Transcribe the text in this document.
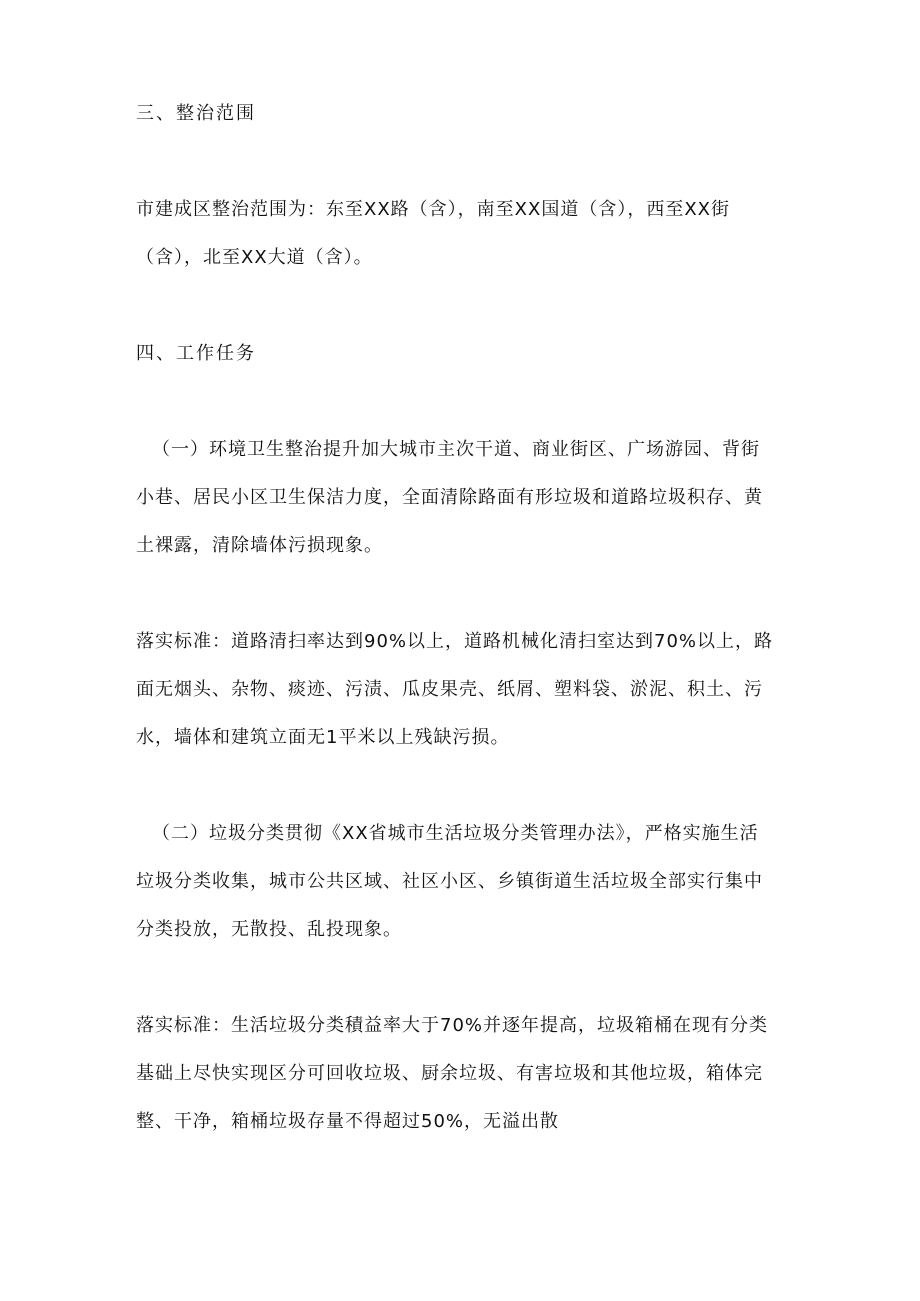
三、整治范围

市建成区整治范围为：东至XX路（含），南至XX国道（含），西至XX街

（含），北至XX大道（含）。

四、工作任务

（一）环境卫生整治提升加大城市主次干道、商业街区、广场游园、背街

小巷、居民小区卫生保洁力度，全面清除路面有形垃圾和道路垃圾积存、黄

土裸露，清除墙体污损现象。

落实标准：道路清扫率达到90%以上，道路机械化清扫室达到70%以上，路

面无烟头、杂物、痰迹、污渍、瓜皮果壳、纸屑、塑料袋、淤泥、积土、污

水，墙体和建筑立面无1平米以上残缺污损。

（二）垃圾分类贯彻《XX省城市生活垃圾分类管理办法》，严格实施生活

垃圾分类收集，城市公共区域、社区小区、乡镇街道生活垃圾全部实行集中

分类投放，无散投、乱投现象。

落实标准：生活垃圾分类積益率大于70%并逐年提高，垃圾箱桶在现有分类

基础上尽快实现区分可回收垃圾、厨余垃圾、有害垃圾和其他垃圾，箱体完

整、干净，箱桶垃圾存量不得超过50%，无溢出散
